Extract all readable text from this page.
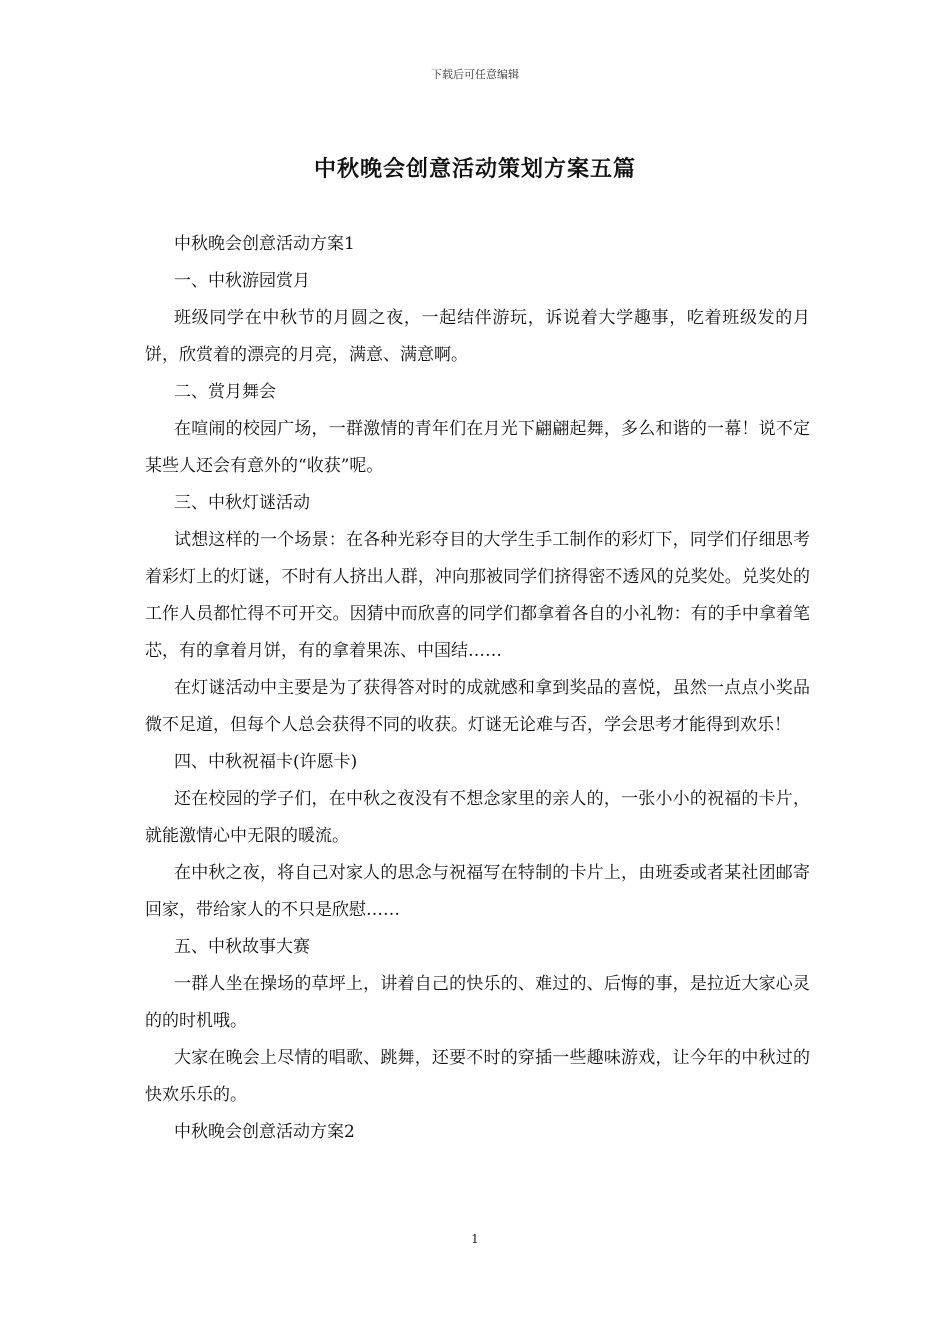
下载后可任意编辑
中秋晚会创意活动策划方案五篇

中秋晚会创意活动方案1

一、中秋游园赏月

班级同学在中秋节的月圆之夜，一起结伴游玩，诉说着大学趣事，吃着班级发的月饼，欣赏着的漂亮的月亮，满意、满意啊。

二、赏月舞会

在喧闹的校园广场，一群激情的青年们在月光下翩翩起舞，多么和谐的一幕！说不定某些人还会有意外的“收获”呢。

三、中秋灯谜活动

试想这样的一个场景：在各种光彩夺目的大学生手工制作的彩灯下，同学们仔细思考着彩灯上的灯谜，不时有人挤出人群，冲向那被同学们挤得密不透风的兑奖处。兑奖处的工作人员都忙得不可开交。因猜中而欣喜的同学们都拿着各自的小礼物：有的手中拿着笔芯，有的拿着月饼，有的拿着果冻、中国结……

在灯谜活动中主要是为了获得答对时的成就感和拿到奖品的喜悦，虽然一点点小奖品微不足道，但每个人总会获得不同的收获。灯谜无论难与否，学会思考才能得到欢乐！

四、中秋祝福卡(许愿卡)

还在校园的学子们，在中秋之夜没有不想念家里的亲人的，一张小小的祝福的卡片，就能激情心中无限的暖流。

在中秋之夜，将自己对家人的思念与祝福写在特制的卡片上，由班委或者某社团邮寄回家，带给家人的不只是欣慰……

五、中秋故事大赛

一群人坐在操场的草坪上，讲着自己的快乐的、难过的、后悔的事，是拉近大家心灵的的时机哦。

大家在晚会上尽情的唱歌、跳舞，还要不时的穿插一些趣味游戏，让今年的中秋过的快欢乐乐的。

中秋晚会创意活动方案2

1
